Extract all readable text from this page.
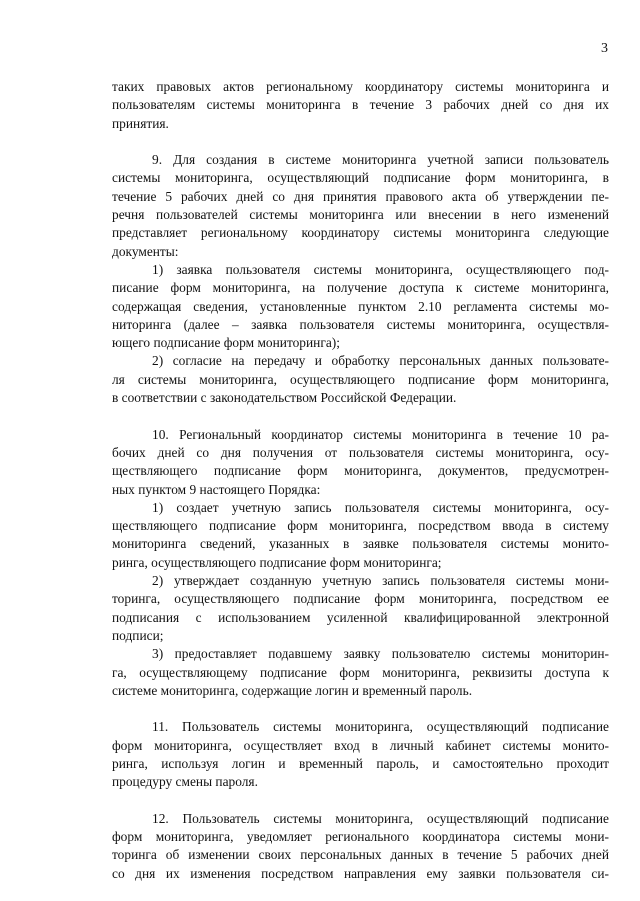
3

таких правовых актов региональному координатору системы мониторинга и
пользователям системы мониторинга в течение 3 рабочих дней со дня их
принятия.

9. Для создания в системе мониторинга учетной записи пользователь
системы мониторинга, осуществляющий подписание форм мониторинга, в
течение 5 рабочих дней со дня принятия правового акта об утверждении пе-
речня пользователей системы мониторинга или внесении в него изменений
представляет региональному координатору системы мониторинга следующие
документы:

1) заявка пользователя системы мониторинга, осуществляющего под-
писание форм мониторинга, на получение доступа к системе мониторинга,
содержащая сведения, установленные пунктом 2.10 регламента системы мо-
ниторинга (далее – заявка пользователя системы мониторинга, осуществля-
ющего подписание форм мониторинга);

2) согласие на передачу и обработку персональных данных пользовате-
ля системы мониторинга, осуществляющего подписание форм мониторинга,
в соответствии с законодательством Российской Федерации.

10. Региональный координатор системы мониторинга в течение 10 ра-
бочих дней со дня получения от пользователя системы мониторинга, осу-
ществляющего подписание форм мониторинга, документов, предусмотрен-
ных пунктом 9 настоящего Порядка:

1) создает учетную запись пользователя системы мониторинга, осу-
ществляющего подписание форм мониторинга, посредством ввода в систему
мониторинга сведений, указанных в заявке пользователя системы монито-
ринга, осуществляющего подписание форм мониторинга;

2) утверждает созданную учетную запись пользователя системы мони-
торинга, осуществляющего подписание форм мониторинга, посредством ее
подписания с использованием усиленной квалифицированной электронной
подписи;

3) предоставляет подавшему заявку пользователю системы мониторин-
га, осуществляющему подписание форм мониторинга, реквизиты доступа к
системе мониторинга, содержащие логин и временный пароль.

11. Пользователь системы мониторинга, осуществляющий подписание
форм мониторинга, осуществляет вход в личный кабинет системы монито-
ринга, используя логин и временный пароль, и самостоятельно проходит
процедуру смены пароля.

12. Пользователь системы мониторинга, осуществляющий подписание
форм мониторинга, уведомляет регионального координатора системы мони-
торинга об изменении своих персональных данных в течение 5 рабочих дней
со дня их изменения посредством направления ему заявки пользователя си-
